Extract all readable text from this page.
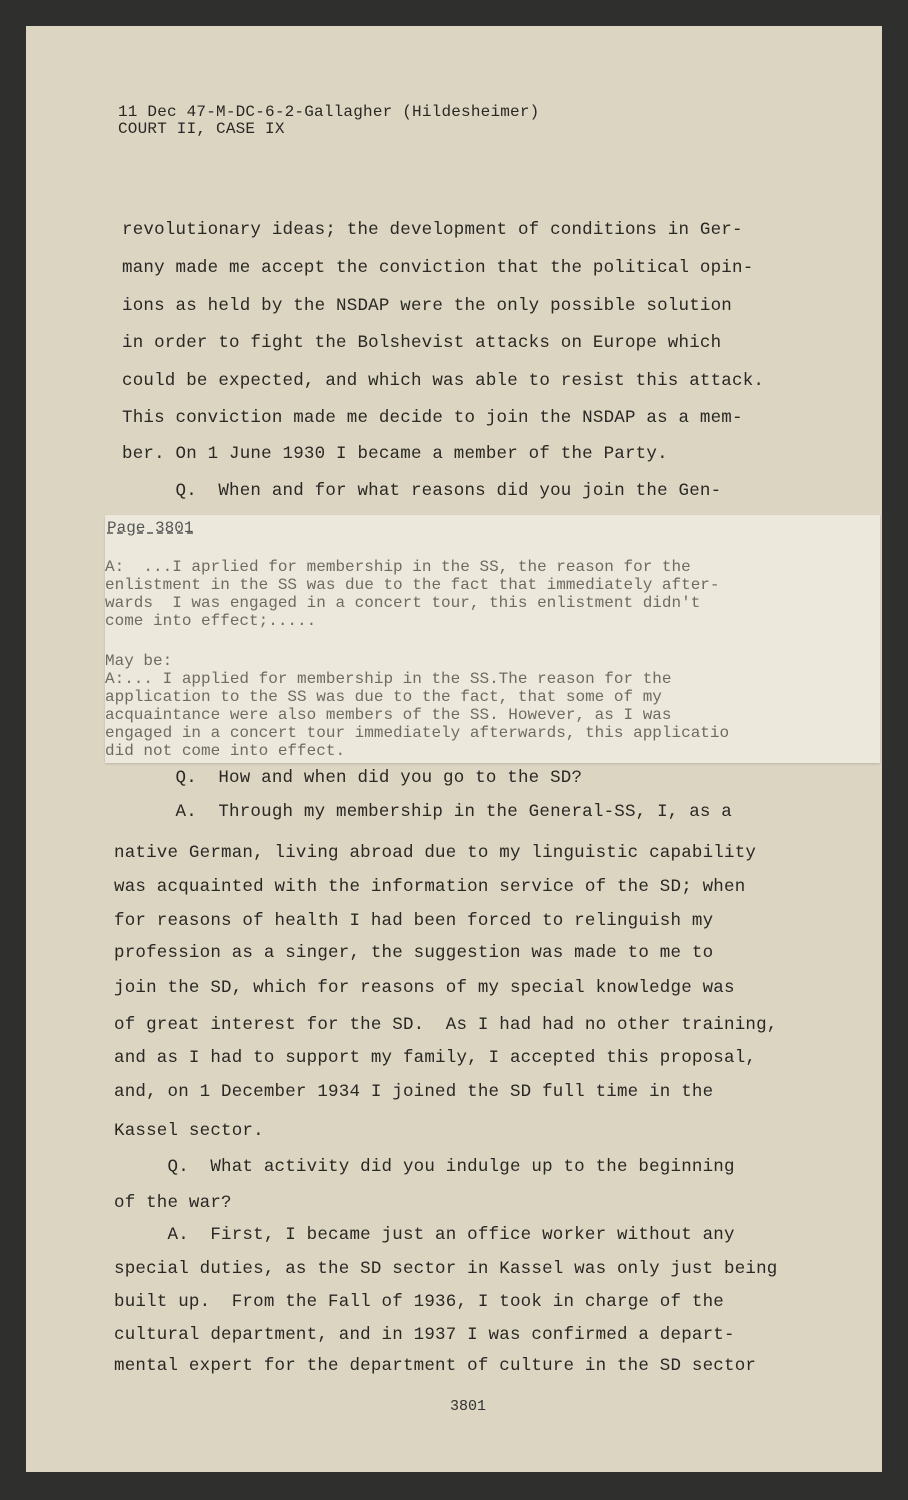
11 Dec 47-M-DC-6-2-Gallagher (Hildesheimer)
COURT II, CASE IX
revolutionary ideas; the development of conditions in Ger-
many made me accept the conviction that the political opin-
ions as held by the NSDAP were the only possible solution
in order to fight the Bolshevist attacks on Europe which
could be expected, and which was able to resist this attack.
This conviction made me decide to join the NSDAP as a mem-
ber. On 1 June 1930 I became a member of the Party.
Q.  When and for what reasons did you join the Gen-
Page 3801
A:  ...I aprlied for membership in the SS, the reason for the
enlistment in the SS was due to the fact that immediately after-
wards  I was engaged in a concert tour, this enlistment didn't
come into effect;.....
May be:
A:... I applied for membership in the SS.The reason for the
application to the SS was due to the fact, that some of my
acquaintance were also members of the SS. However, as I was
engaged in a concert tour immediately afterwards, this applicatio
did not come into effect.
Q.  How and when did you go to the SD?
A.  Through my membership in the General-SS, I, as a
native German, living abroad due to my linguistic capability
was acquainted with the information service of the SD; when
for reasons of health I had been forced to relinguish my
profession as a singer, the suggestion was made to me to
join the SD, which for reasons of my special knowledge was
of great interest for the SD.  As I had had no other training,
and as I had to support my family, I accepted this proposal,
and, on 1 December 1934 I joined the SD full time in the
Kassel sector.
Q.  What activity did you indulge up to the beginning
of the war?
A.  First, I became just an office worker without any
special duties, as the SD sector in Kassel was only just being
built up.  From the Fall of 1936, I took in charge of the
cultural department, and in 1937 I was confirmed a depart-
mental expert for the department of culture in the SD sector
3801
